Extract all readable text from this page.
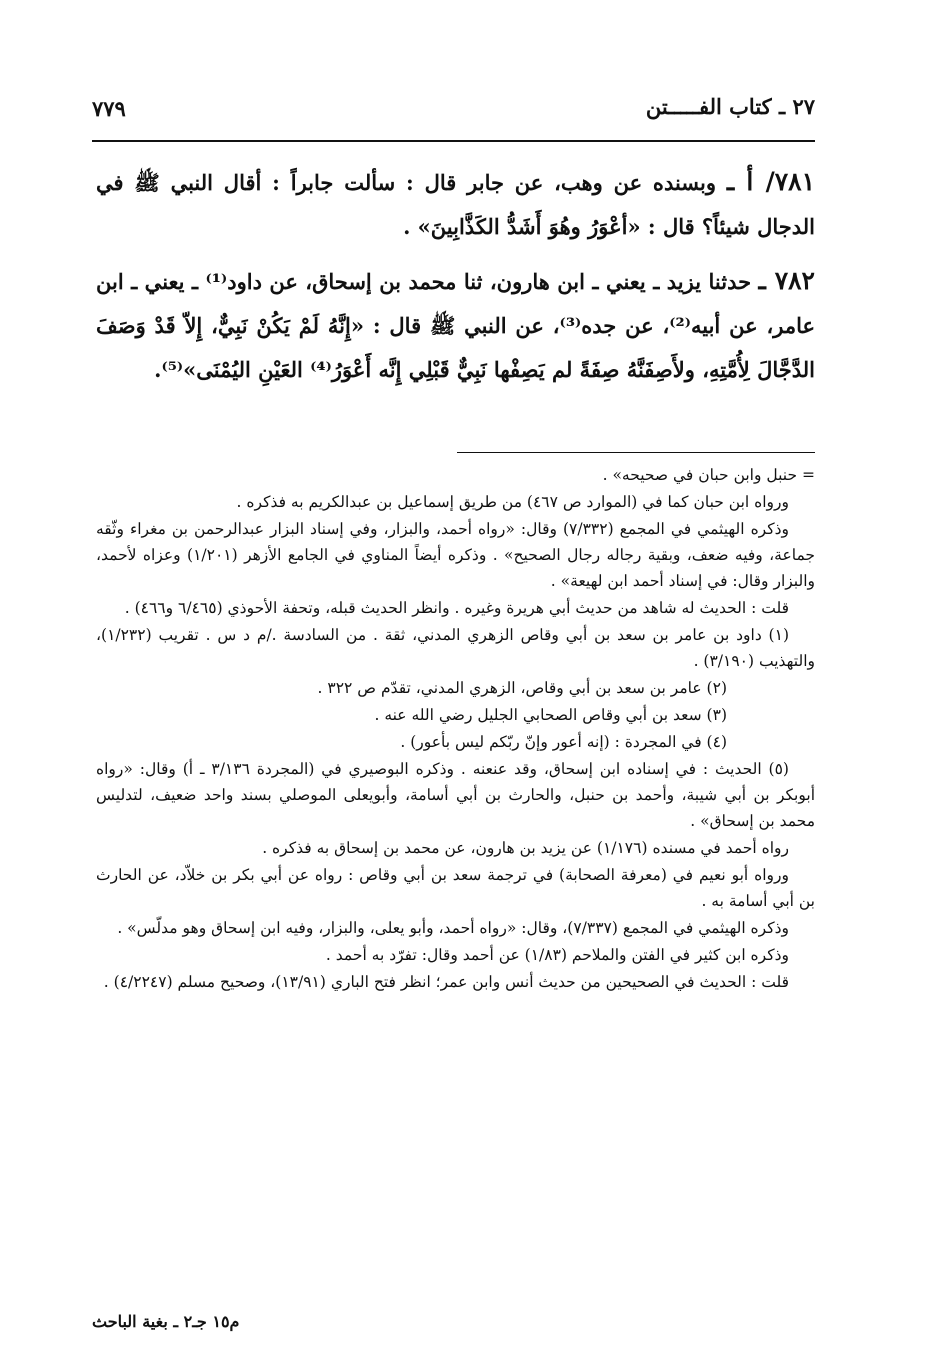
٢٧ ـ كتاب الفـــــتن
٧٧٩

٧٨١/ أ ـ وبسنده عن وهب، عن جابر قال : سألت جابراً : أقال النبي ﷺ في الدجال شيئاً؟ قال : «أعْوَرُ وهُوَ أَشَدُّ الكَذَّابِينَ» .

٧٨٢ ـ حدثنا يزيد ـ يعني ـ ابن هارون، ثنا محمد بن إسحاق، عن داود⁽¹⁾ ـ يعني ـ ابن عامر، عن أبيه⁽²⁾، عن جده⁽³⁾، عن النبي ﷺ قال : «إِنَّهُ لَمْ يَكُنْ نَبِيٌّ، إِلاّ قَدْ وَصَفَ الدَّجَّالَ لِأُمَّتِهِ، ولأَصِفَنَّهُ صِفَةً لم يَصِفْها نَبِيٌّ قَبْلِي إِنَّه أَعْوَرُ⁽⁴⁾ العَيْنِ اليُمْنَى»⁽⁵⁾.

= حنبل وابن حبان في صحيحه» .

ورواه ابن حبان كما في (الموارد ص ٤٦٧) من طريق إسماعيل بن عبدالكريم به فذكره .

وذكره الهيثمي في المجمع (٧/٣٣٢) وقال: «رواه أحمد، والبزار، وفي إسناد البزار عبدالرحمن بن مغراء وثّقه جماعة، وفيه ضعف، وبقية رجاله رجال الصحيح» . وذكره أيضاً المناوي في الجامع الأزهر (١/٢٠١) وعزاه لأحمد، والبزار وقال: في إسناد أحمد ابن لهيعة» .

قلت : الحديث له شاهد من حديث أبي هريرة وغيره . وانظر الحديث قبله، وتحفة الأحوذي (٦/٤٦٥ و٤٦٦) .

(١) داود بن عامر بن سعد بن أبي وقاص الزهري المدني، ثقة . من السادسة ./م د س . تقريب (١/٢٣٢)، والتهذيب (٣/١٩٠) .

(٢) عامر بن سعد بن أبي وقاص، الزهري المدني، تقدّم ص ٣٢٢ .

(٣) سعد بن أبي وقاص الصحابي الجليل رضي الله عنه .

(٤) في المجردة : (إنه أعور وإنّ ربّكم ليس بأعور) .

(٥) الحديث : في إسناده ابن إسحاق، وقد عنعنه . وذكره البوصيري في (المجردة ٣/١٣٦ ـ أ) وقال: «رواه أبوبكر بن أبي شيبة، وأحمد بن حنبل، والحارث بن أبي أسامة، وأبويعلى الموصلي بسند واحد ضعيف، لتدليس محمد بن إسحاق» .

رواه أحمد في مسنده (١/١٧٦) عن يزيد بن هارون، عن محمد بن إسحاق به فذكره .

ورواه أبو نعيم في (معرفة الصحابة) في ترجمة سعد بن أبي وقاص : رواه عن أبي بكر بن خلاّد، عن الحارث بن أبي أسامة به .

وذكره الهيثمي في المجمع (٧/٣٣٧)، وقال: «رواه أحمد، وأبو يعلى، والبزار، وفيه ابن إسحاق وهو مدلّس» .

وذكره ابن كثير في الفتن والملاحم (١/٨٣) عن أحمد وقال: تفرّد به أحمد .

قلت : الحديث في الصحيحين من حديث أنس وابن عمر؛ انظر فتح الباري (١٣/٩١)، وصحيح مسلم (٤/٢٢٤٧) .

م١٥ جـ٢ ـ بغية الباحث
